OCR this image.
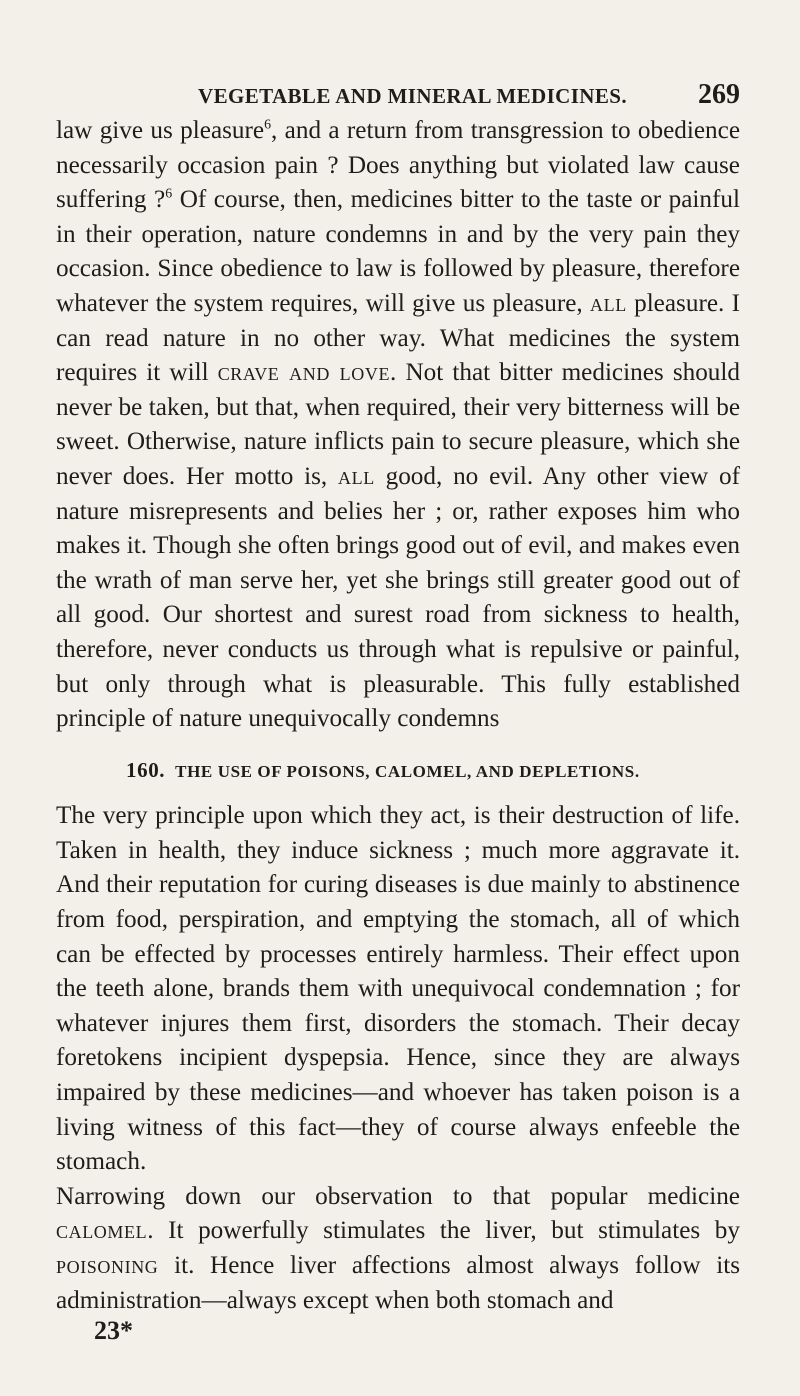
VEGETABLE AND MINERAL MEDICINES.	269

law give us pleasure$^6$, and a return from transgression to obedience necessarily occasion pain ? Does anything but violated law cause suffering ?$^6$ Of course, then, medicines bitter to the taste or painful in their operation, nature condemns in and by the very pain they occasion. Since obedience to law is followed by pleasure, therefore whatever the system requires, will give us pleasure, all pleasure. I can read nature in no other way. What medicines the system requires it will crave and love. Not that bitter medicines should never be taken, but that, when required, their very bitterness will be sweet. Otherwise, nature inflicts pain to secure pleasure, which she never does. Her motto is, all good, no evil. Any other view of nature misrepresents and belies her ; or, rather exposes him who makes it. Though she often brings good out of evil, and makes even the wrath of man serve her, yet she brings still greater good out of all good. Our shortest and surest road from sickness to health, therefore, never conducts us through what is repulsive or painful, but only through what is pleasurable. This fully established principle of nature unequivocally condemns

160. THE USE OF POISONS, CALOMEL, AND DEPLETIONS.

The very principle upon which they act, is their destruction of life. Taken in health, they induce sickness ; much more aggravate it. And their reputation for curing diseases is due mainly to abstinence from food, perspiration, and emptying the stomach, all of which can be effected by processes entirely harmless. Their effect upon the teeth alone, brands them with unequivocal condemnation ; for whatever injures them first, disorders the stomach. Their decay foretokens incipient dyspepsia. Hence, since they are always impaired by these medicines—and whoever has taken poison is a living witness of this fact—they of course always enfeeble the stomach.

Narrowing down our observation to that popular medicine calomel. It powerfully stimulates the liver, but stimulates by poisoning it. Hence liver affections almost always follow its administration—always except when both stomach and

23*
